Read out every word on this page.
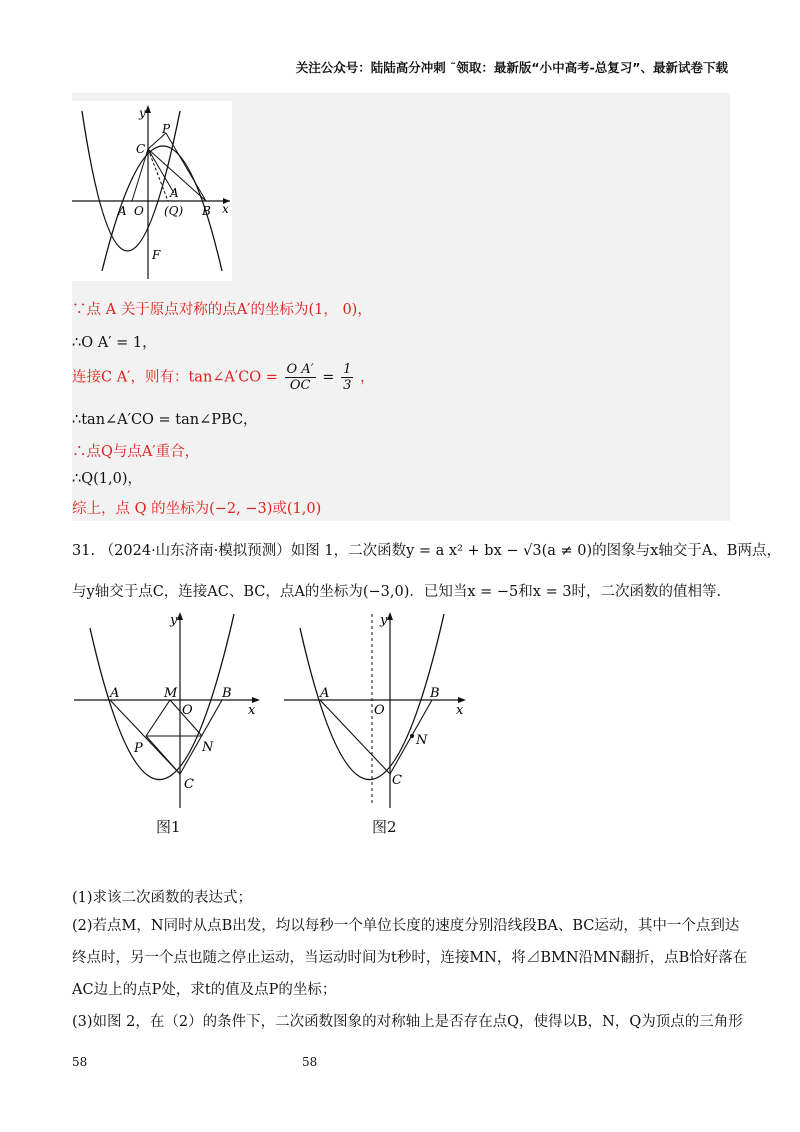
关注公众号：陆陆高分冲刺 ˜领取：最新版“小中高考-总复习”、最新试卷下载
y
x
P
C
A
A O (Q) B
F
∵点 A 关于原点对称的点A′的坐标为(1， 0)，
∴O A′ = 1，
连接C A′，则有：tan∠A′CO = $\frac{\text{O A′}}{OC} = \frac{1}{3}$ ，
∴tan∠A′CO = tan∠PBC，
∴点Q与点A′重合，
∴Q(1,0)，
综上，点 Q 的坐标为(−2, −3)或(1,0)
31. （2024·山东济南·模拟预测）如图 1，二次函数y = a x² + bx − √3(a ≠ 0)的图象与x轴交于A、B两点，
与y轴交于点C，连接AC、BC，点A的坐标为(−3,0)．已知当x = −5和x = 3时，二次函数的值相等.
y
x
A	M	B
O
P	N
C
图1
y
x
A	B
O
N
C
图2
(1)求该二次函数的表达式；
(2)若点M，N同时从点B出发，均以每秒一个单位长度的速度分别沿线段BA、BC运动，其中一个点到达
终点时，另一个点也随之停止运动，当运动时间为t秒时，连接MN，将⊿BMN沿MN翻折，点B恰好落在
AC边上的点P处，求t的值及点P的坐标；
(3)如图 2，在（2）的条件下，二次函数图象的对称轴上是否存在点Q，使得以B，N，Q为顶点的三角形
58	58
